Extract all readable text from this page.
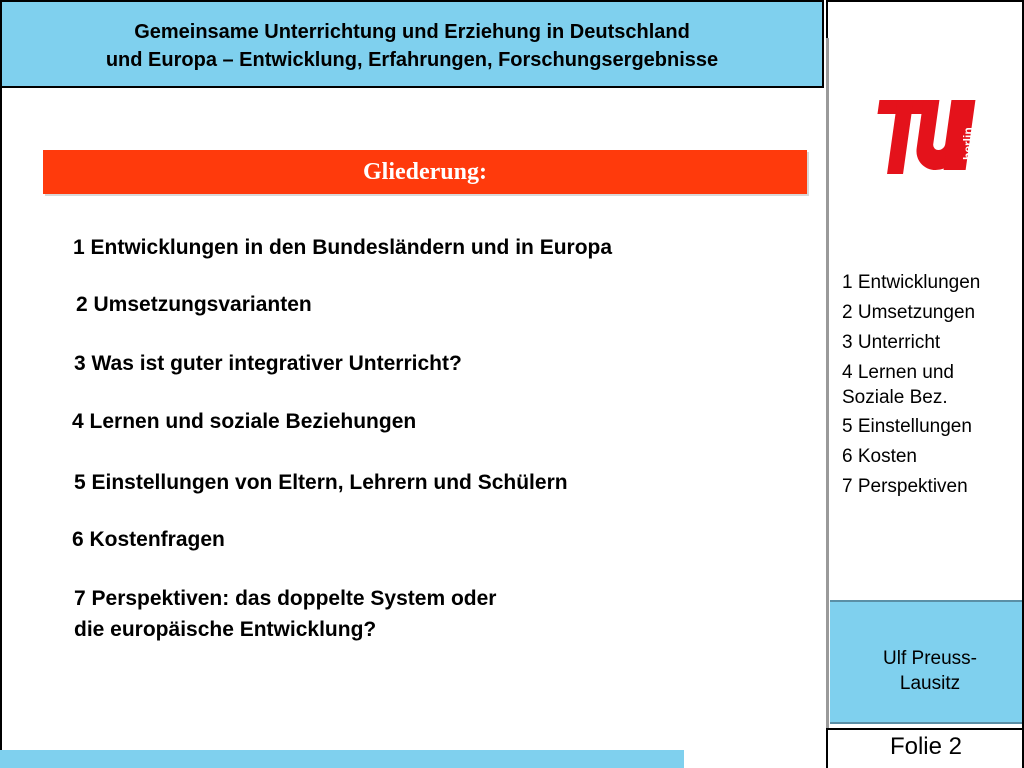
Gemeinsame Unterrichtung und Erziehung in Deutschland
und Europa – Entwicklung, Erfahrungen, Forschungsergebnisse
berlin
1 Entwicklungen
2 Umsetzungen
3 Unterricht
4 Lernen und
Soziale Bez.
5 Einstellungen
6 Kosten
7 Perspektiven
Ulf Preuss-
Lausitz
Folie 2
Gliederung:
1 Entwicklungen in den Bundesländern und in Europa
2 Umsetzungsvarianten
3 Was ist guter integrativer Unterricht?
4 Lernen und soziale Beziehungen
5 Einstellungen von Eltern, Lehrern und Schülern
6 Kostenfragen
7 Perspektiven: das doppelte System oder
die europäische Entwicklung?
